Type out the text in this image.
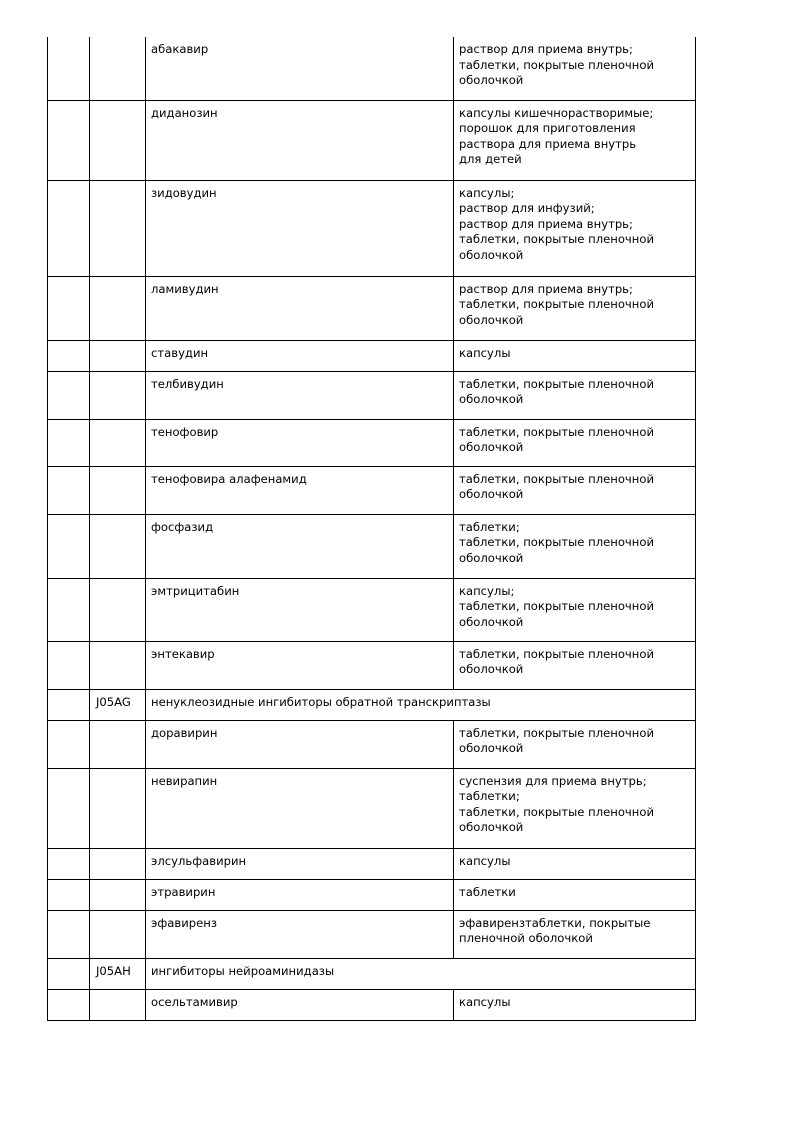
		абакавир	раствор для приема внутрь;
таблетки, покрытые пленочной
оболочкой
		диданозин	капсулы кишечнорастворимые;
порошок для приготовления
раствора для приема внутрь
для детей
		зидовудин	капсулы;
раствор для инфузий;
раствор для приема внутрь;
таблетки, покрытые пленочной
оболочкой
		ламивудин	раствор для приема внутрь;
таблетки, покрытые пленочной
оболочкой
		ставудин	капсулы
		телбивудин	таблетки, покрытые пленочной
оболочкой
		тенофовир	таблетки, покрытые пленочной
оболочкой
		тенофовира алафенамид	таблетки, покрытые пленочной
оболочкой
		фосфазид	таблетки;
таблетки, покрытые пленочной
оболочкой
		эмтрицитабин	капсулы;
таблетки, покрытые пленочной
оболочкой
		энтекавир	таблетки, покрытые пленочной
оболочкой
	J05AG	ненуклеозидные ингибиторы обратной транскриптазы	
		доравирин	таблетки, покрытые пленочной
оболочкой
		невирапин	суспензия для приема внутрь;
таблетки;
таблетки, покрытые пленочной
оболочкой
		элсульфавирин	капсулы
		этравирин	таблетки
		эфавиренз	эфавирензтаблетки, покрытые
пленочной оболочкой
	J05AH	ингибиторы нейроаминидазы	
		осельтамивир	капсулы
